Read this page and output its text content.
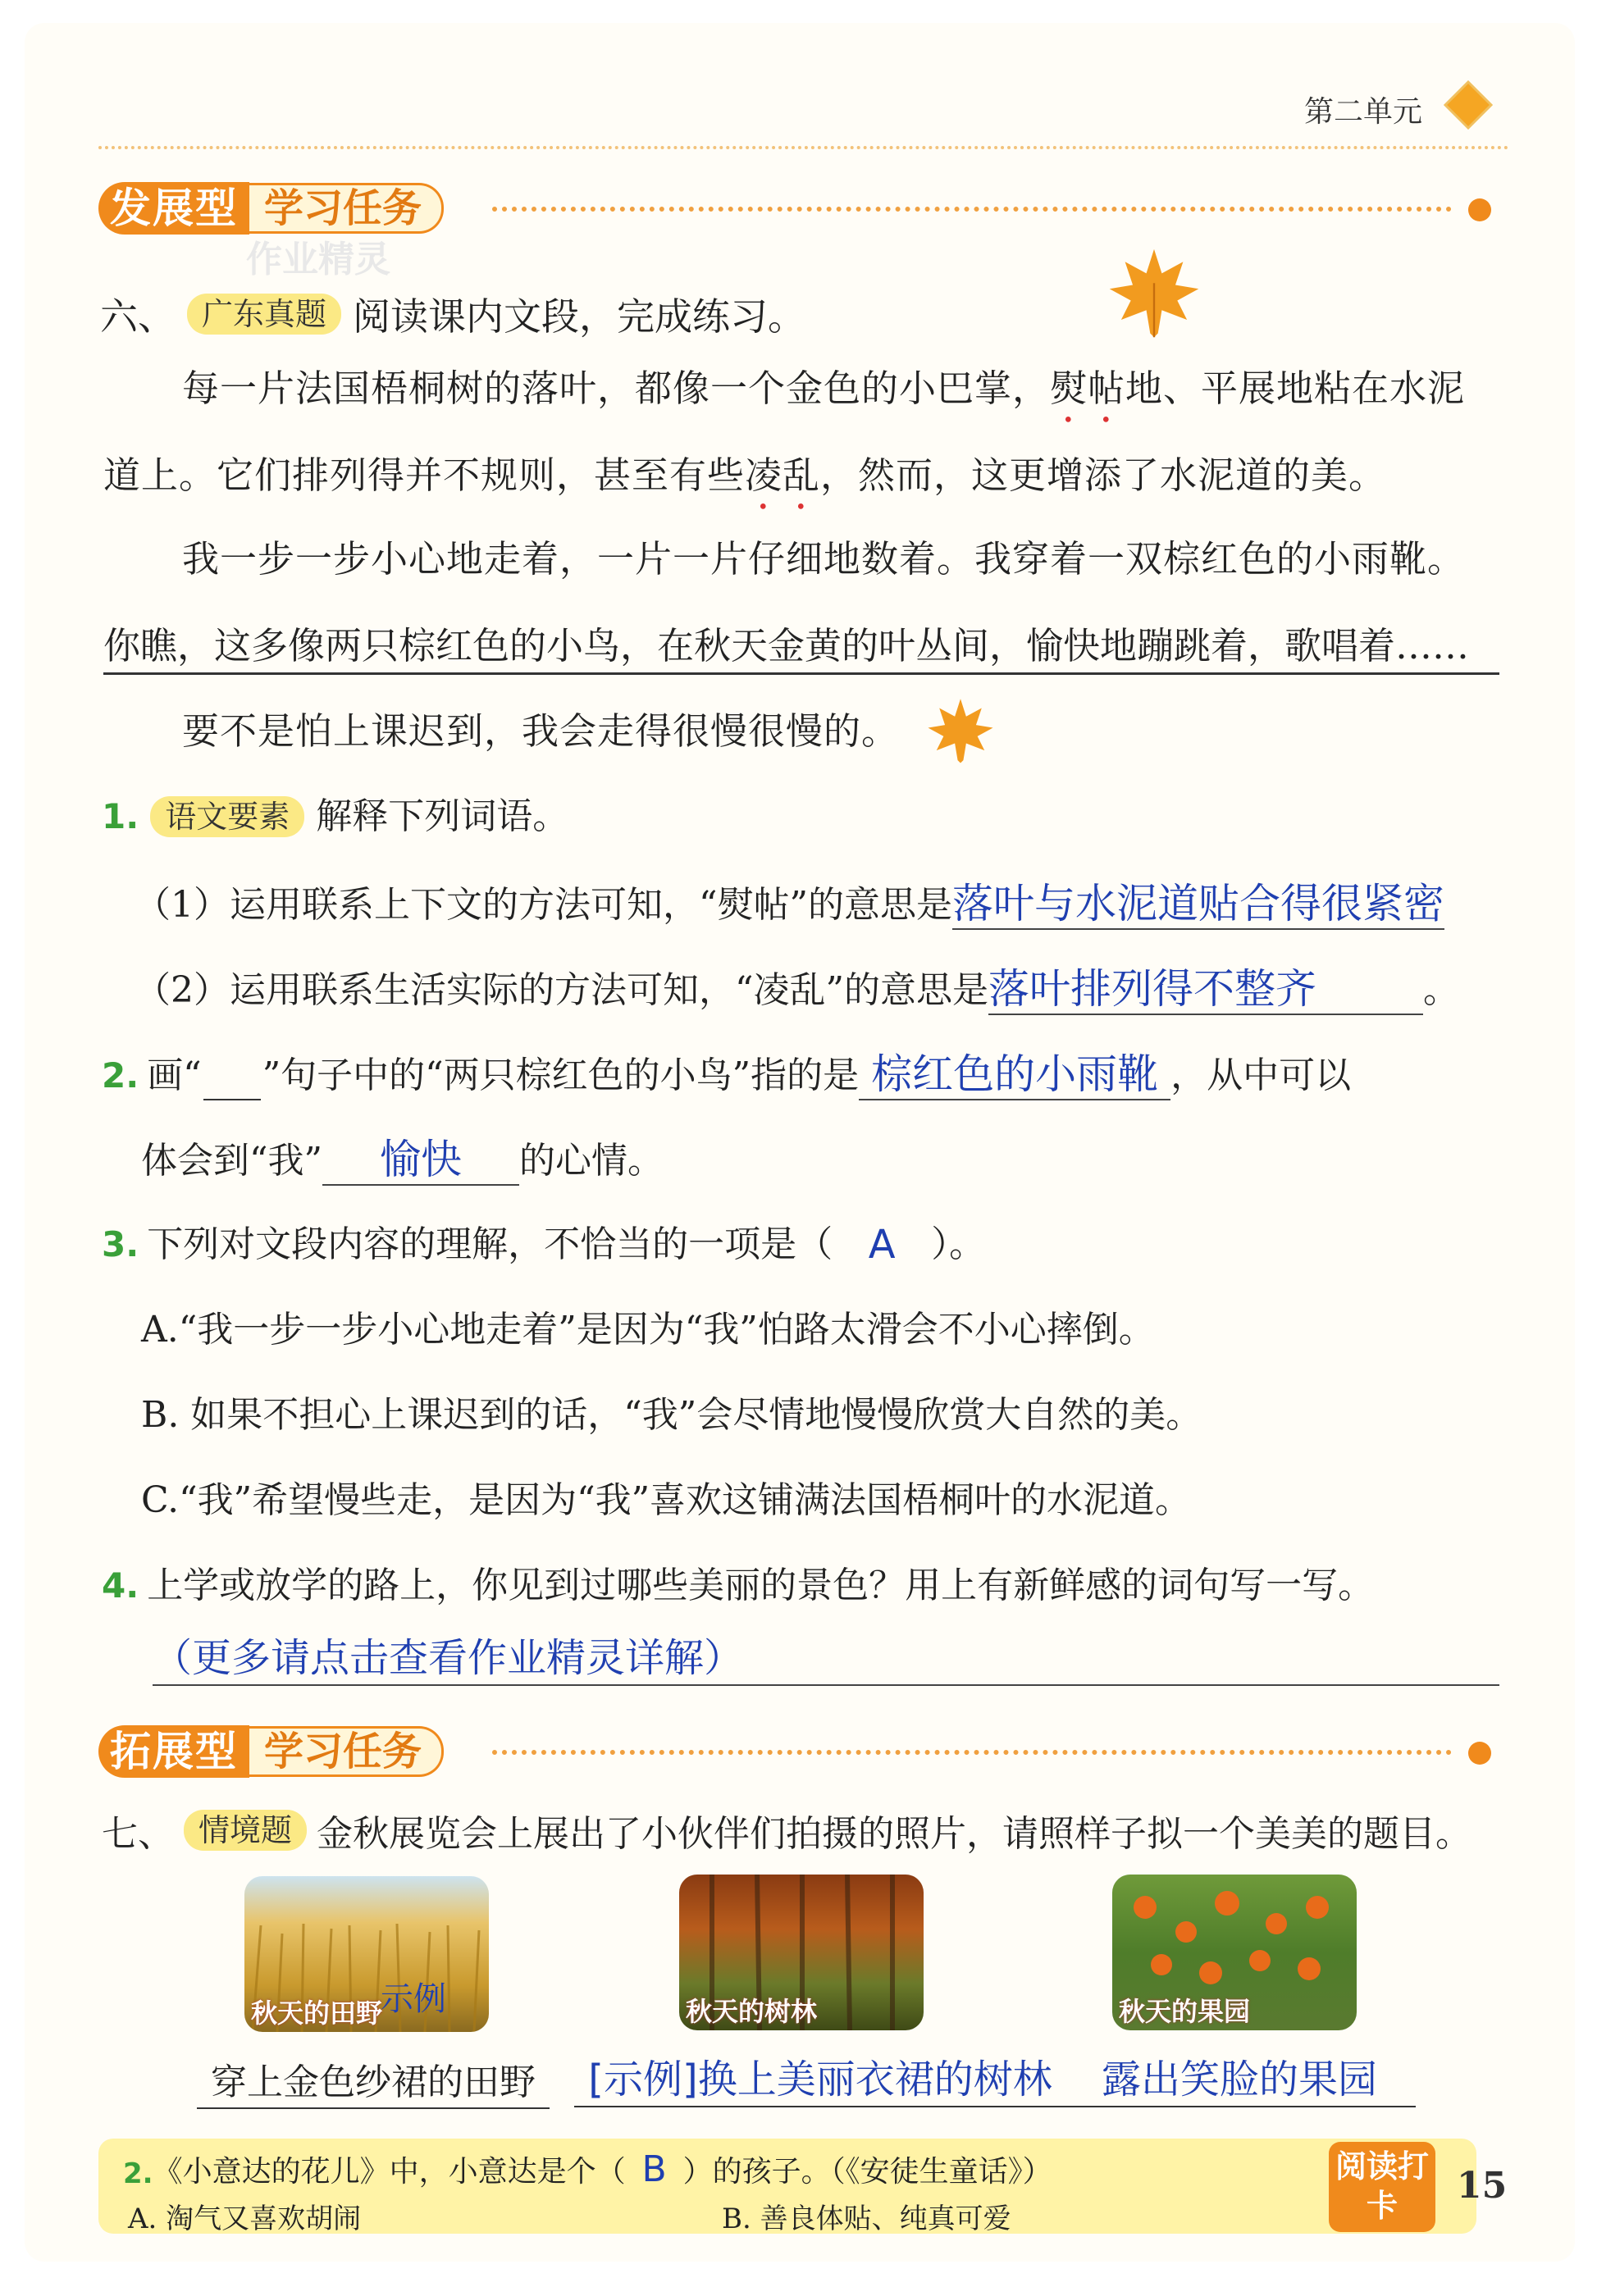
第二单元
发展型 学习任务
作业精灵
六、 广东真题 阅读课内文段，完成练习。
每一片法国梧桐树的落叶，都像一个金色的小巴掌，熨帖地、平展地粘在水泥
道上。它们排列得并不规则，甚至有些凌乱，然而，这更增添了水泥道的美。
我一步一步小心地走着，一片一片仔细地数着。我穿着一双棕红色的小雨靴。
你瞧，这多像两只棕红色的小鸟，在秋天金黄的叶丛间，愉快地蹦跳着，歌唱着……
要不是怕上课迟到，我会走得很慢很慢的。
1. 语文要素 解释下列词语。
（1）运用联系上下文的方法可知，“熨帖”的意思是 落叶与水泥道贴合得很紧密
（2）运用联系生活实际的方法可知，“凌乱”的意思是 落叶排列得不整齐	。
2. 画“
”句子中的“两只棕红色的小鸟”指的是 棕红色的小雨靴 ，从中可以
体会到“我”	愉快	的心情。
3. 下列对文段内容的理解，不恰当的一项是（ A ）。
A.“我一步一步小心地走着”是因为“我”怕路太滑会不小心摔倒。
B. 如果不担心上课迟到的话，“我”会尽情地慢慢欣赏大自然的美。
C.“我”希望慢些走，是因为“我”喜欢这铺满法国梧桐叶的水泥道。
4. 上学或放学的路上，你见到过哪些美丽的景色？用上有新鲜感的词句写一写。
（更多请点击查看作业精灵详解）
拓展型 学习任务
七、 情境题 金秋展览会上展出了小伙伴们拍摄的照片，请照样子拟一个美美的题目。
秋天的田野
示例	秋天的树林	秋天的果园
穿上金色纱裙的田野	[示例]换上美丽衣裙的树林	露出笑脸的果园
2. 《小意达的花儿》中，小意达是个（ B ）的孩子。（《安徒生童话》）
A. 淘气又喜欢胡闹	B. 善良体贴、纯真可爱
阅读打卡	15
